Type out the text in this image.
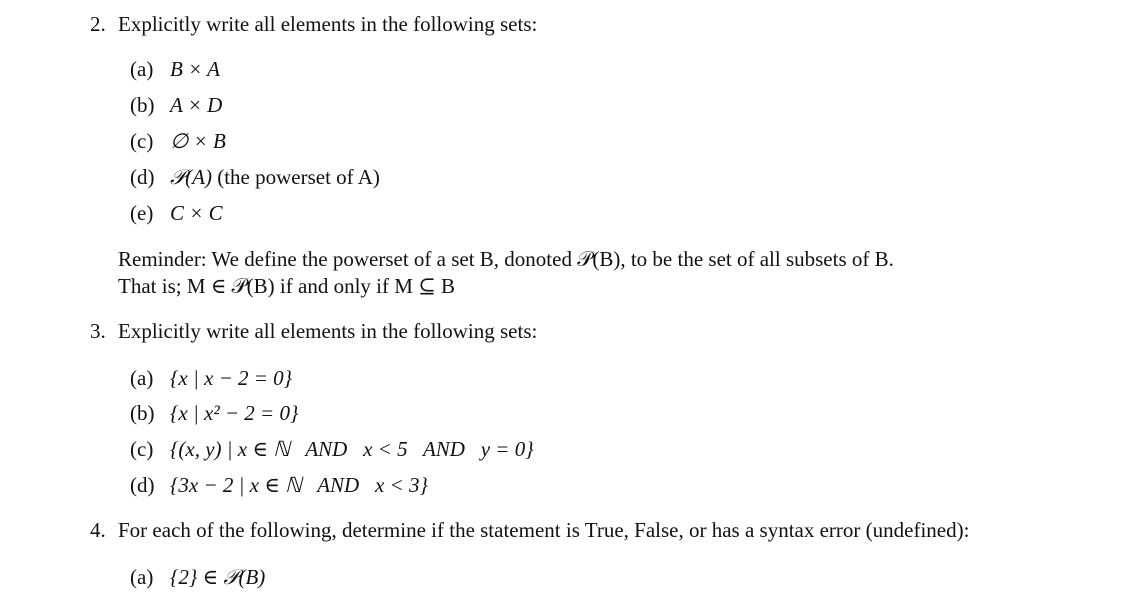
2. Explicitly write all elements in the following sets:
(a) B × A
(b) A × D
(c) ∅ × B
(d) 𝒫(A) (the powerset of A)
(e) C × C
Reminder: We define the powerset of a set B, donoted 𝒫(B), to be the set of all subsets of B.
That is; M ∈ 𝒫(B) if and only if M ⊆ B
3. Explicitly write all elements in the following sets:
(a) {x | x − 2 = 0}
(b) {x | x² − 2 = 0}
(c) {(x, y) | x ∈ ℕ   AND   x < 5   AND   y = 0}
(d) {3x − 2 | x ∈ ℕ   AND   x < 3}
4. For each of the following, determine if the statement is True, False, or has a syntax error (undefined):
(a) {2} ∈ 𝒫(B)
